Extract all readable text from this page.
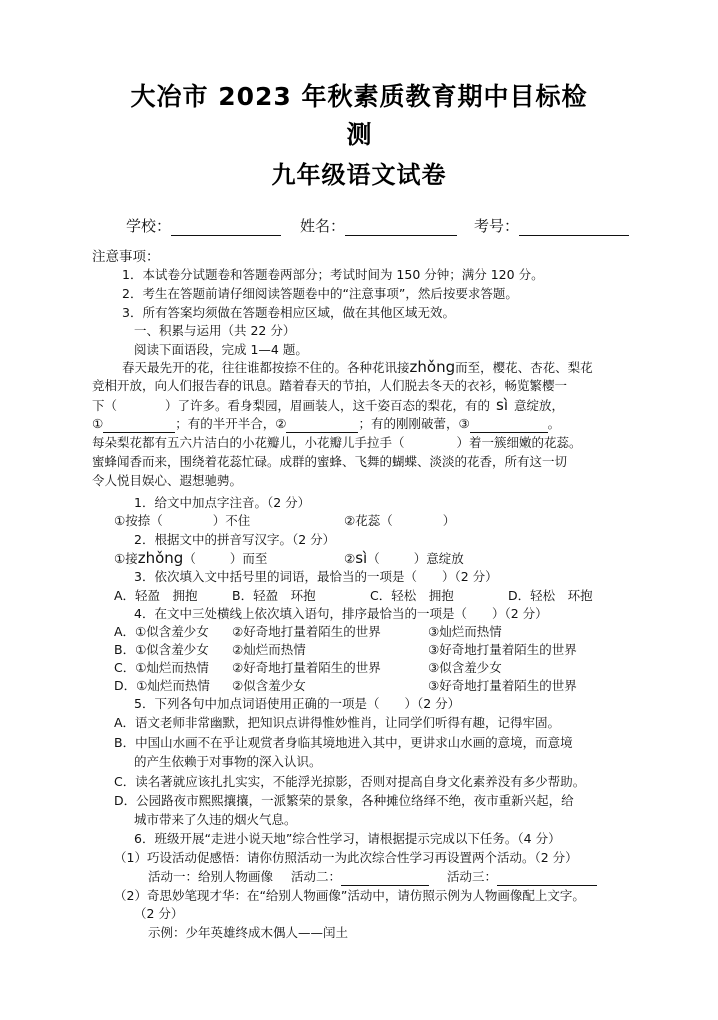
大冶市 2023 年秋素质教育期中目标检
测
九年级语文试卷
学校：	姓名：	考号：
注意事项：
1．本试卷分试题卷和答题卷两部分；考试时间为 150 分钟；满分 120 分。
2．考生在答题前请仔细阅读答题卷中的“注意事项”，然后按要求答题。
3．所有答案均须做在答题卷相应区域，做在其他区域无效。
一、积累与运用（共 22 分）
阅读下面语段，完成 1—4 题。
春天最先开的花，往往谁都按捺不住的。各种花讯接zhǒng而至，樱花、杏花、梨花
竞相开放，向人们报告春的讯息。踏着春天的节拍，人们脱去冬天的衣衫，畅览繁樱一
下（	）了许多。看身梨园，眉画装人，这千姿百态的梨花，有的 sì 意绽放，
①	；有的半开半合，②	；有的刚刚破蕾，③	。
每朵梨花都有五六片洁白的小花瓣儿，小花瓣儿手拉手（	）着一簇细嫩的花蕊。
蜜蜂闻香而来，围绕着花蕊忙碌。成群的蜜蜂、飞舞的蝴蝶、淡淡的花香，所有这一切
令人悦目娱心、遐想驰骋。
1．给文中加点字注音。（2 分）
①按捺（	）不住	②花蕊（	）
2．根据文中的拼音写汉字。（2 分）
①接zhǒng（	）而至	②sì（	）意绽放
3．依次填入文中括号里的词语，最恰当的一项是（　　）（2 分）
A．轻盈　拥抱	B．轻盈　环抱	C．轻松　拥抱	D．轻松　环抱
4．在文中三处横线上依次填入语句，排序最恰当的一项是（　　）（2 分）
A．①似含羞少女 ②好奇地打量着陌生的世界	③灿烂而热情
B．①似含羞少女 ②灿烂而热情	③好奇地打量着陌生的世界
C．①灿烂而热情 ②好奇地打量着陌生的世界	③似含羞少女
D．①灿烂而热情 ②似含羞少女	③好奇地打量着陌生的世界
5．下列各句中加点词语使用正确的一项是（　　）（2 分）
A．语文老师非常幽默，把知识点讲得惟妙惟肖，让同学们听得有趣，记得牢固。
B．中国山水画不在乎让观赏者身临其境地进入其中，更讲求山水画的意境，而意境
的产生依赖于对事物的深入认识。
C．读名著就应该扎扎实实，不能浮光掠影，否则对提高自身文化素养没有多少帮助。
D．公园路夜市熙熙攘攘，一派繁荣的景象，各种摊位络绎不绝，夜市重新兴起，给
城市带来了久违的烟火气息。
6．班级开展“走进小说天地”综合性学习，请根据提示完成以下任务。（4 分）
（1）巧设活动促感悟：请你仿照活动一为此次综合性学习再设置两个活动。（2 分）
活动一：给别人物画像 活动二：	活动三：
（2）奇思妙笔现才华：在“给别人物画像”活动中，请仿照示例为人物画像配上文字。
（2 分）
示例：少年英雄终成木偶人——闰土
